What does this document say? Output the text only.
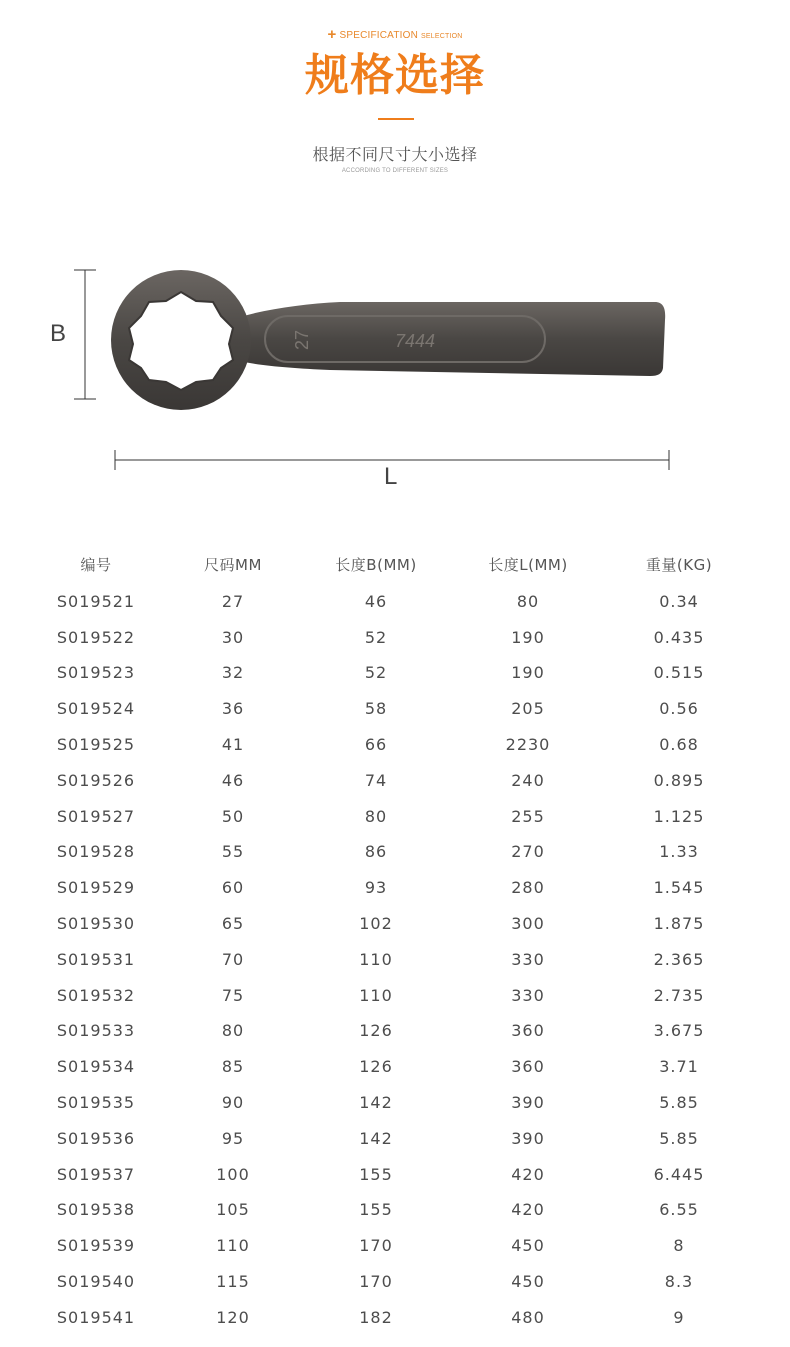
+ SPECIFICATION SELECTION
规格选择
根据不同尺寸大小选择
ACCORDING TO DIFFERENT SIZES
27	7444
B
L
编号	尺码MM	长度B(MM)	长度L(MM)	重量(KG)
S019521	27	46	80	0.34
S019522	30	52	190	0.435
S019523	32	52	190	0.515
S019524	36	58	205	0.56
S019525	41	66	2230	0.68
S019526	46	74	240	0.895
S019527	50	80	255	1.125
S019528	55	86	270	1.33
S019529	60	93	280	1.545
S019530	65	102	300	1.875
S019531	70	110	330	2.365
S019532	75	110	330	2.735
S019533	80	126	360	3.675
S019534	85	126	360	3.71
S019535	90	142	390	5.85
S019536	95	142	390	5.85
S019537	100	155	420	6.445
S019538	105	155	420	6.55
S019539	110	170	450	8
S019540	115	170	450	8.3
S019541	120	182	480	9
